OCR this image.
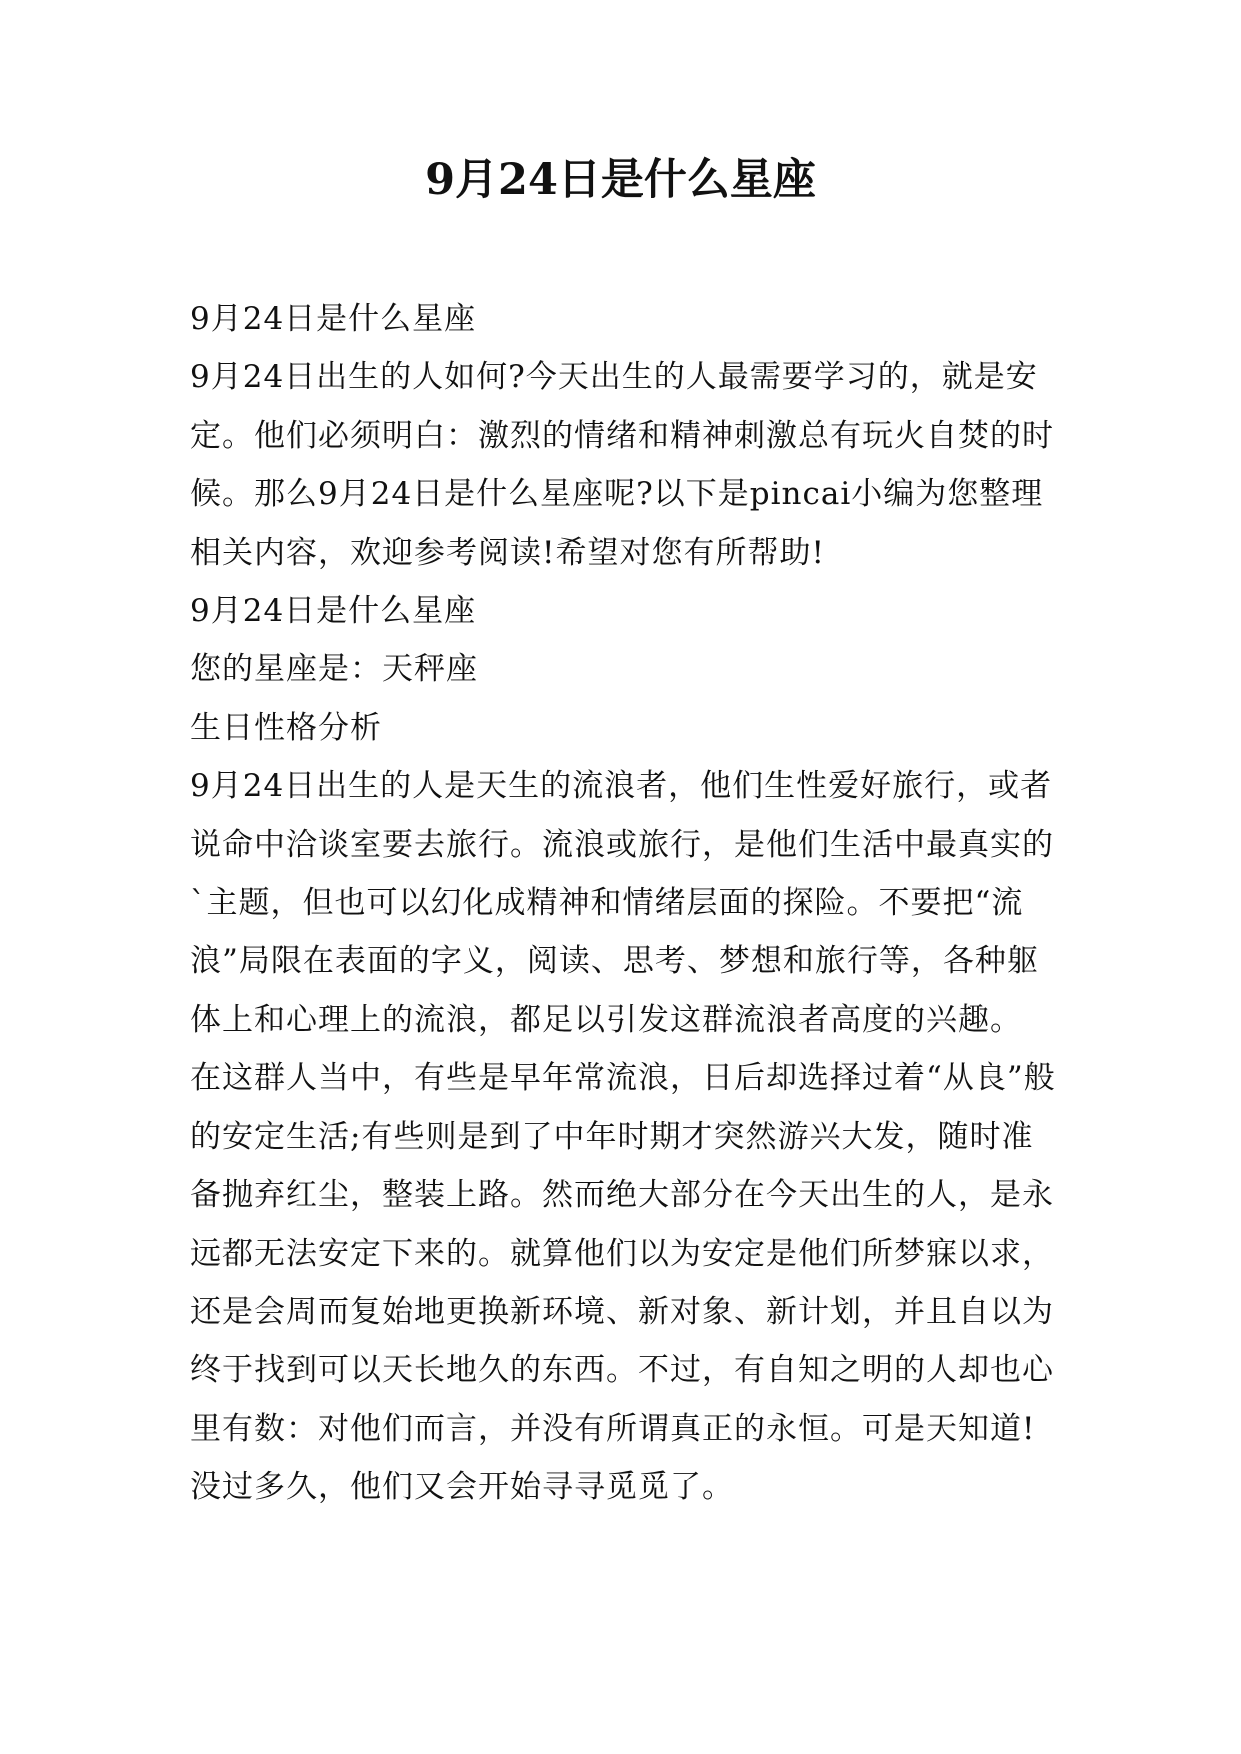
9月24日是什么星座

9月24日是什么星座

9月24日出生的人如何?今天出生的人最需要学习的，就是安定。他们必须明白：激烈的情绪和精神刺激总有玩火自焚的时候。那么9月24日是什么星座呢?以下是pincai小编为您整理相关内容，欢迎参考阅读!希望对您有所帮助!

9月24日是什么星座

您的星座是：天秤座

生日性格分析

9月24日出生的人是天生的流浪者，他们生性爱好旅行，或者说命中洽谈室要去旅行。流浪或旅行，是他们生活中最真实的`主题，但也可以幻化成精神和情绪层面的探险。不要把“流浪”局限在表面的字义，阅读、思考、梦想和旅行等，各种躯体上和心理上的流浪，都足以引发这群流浪者高度的兴趣。

在这群人当中，有些是早年常流浪，日后却选择过着“从良”般的安定生活;有些则是到了中年时期才突然游兴大发，随时准备抛弃红尘，整装上路。然而绝大部分在今天出生的人，是永远都无法安定下来的。就算他们以为安定是他们所梦寐以求，还是会周而复始地更换新环境、新对象、新计划，并且自以为终于找到可以天长地久的东西。不过，有自知之明的人却也心里有数：对他们而言，并没有所谓真正的永恒。可是天知道!没过多久，他们又会开始寻寻觅觅了。
